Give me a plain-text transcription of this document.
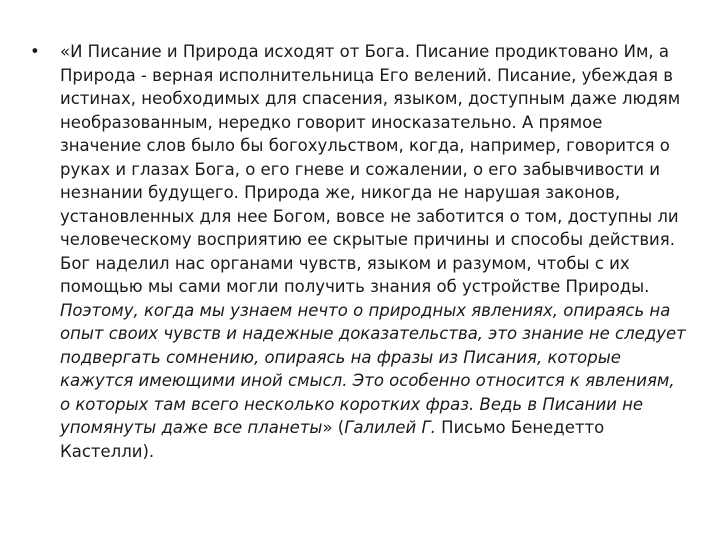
•	«И Писание и Природа исходят от Бога. Писание продиктовано Им, а Природа - верная исполнительница Его велений. Писание, убеждая в истинах, необходимых для спасения, языком, доступным даже людям необразованным, нередко говорит иносказательно. А прямое значение слов было бы богохульством, когда, например, говорится о руках и глазах Бога, о его гневе и сожалении, о его забывчивости и незнании будущего. Природа же, никогда не нарушая законов, установленных для нее Богом, вовсе не заботится о том, доступны ли человеческому восприятию ее скрытые причины и способы действия. Бог наделил нас органами чувств, языком и разумом, чтобы с их помощью мы сами могли получить знания об устройстве Природы. Поэтому, когда мы узнаем нечто о природных явлениях, опираясь на опыт своих чувств и надежные доказательства, это знание не следует подвергать сомнению, опираясь на фразы из Писания, которые кажутся имеющими иной смысл. Это особенно относится к явлениям, о которых там всего несколько коротких фраз. Ведь в Писании не упомянуты даже все планеты» (Галилей Г. Письмо Бенедетто Кастелли).
